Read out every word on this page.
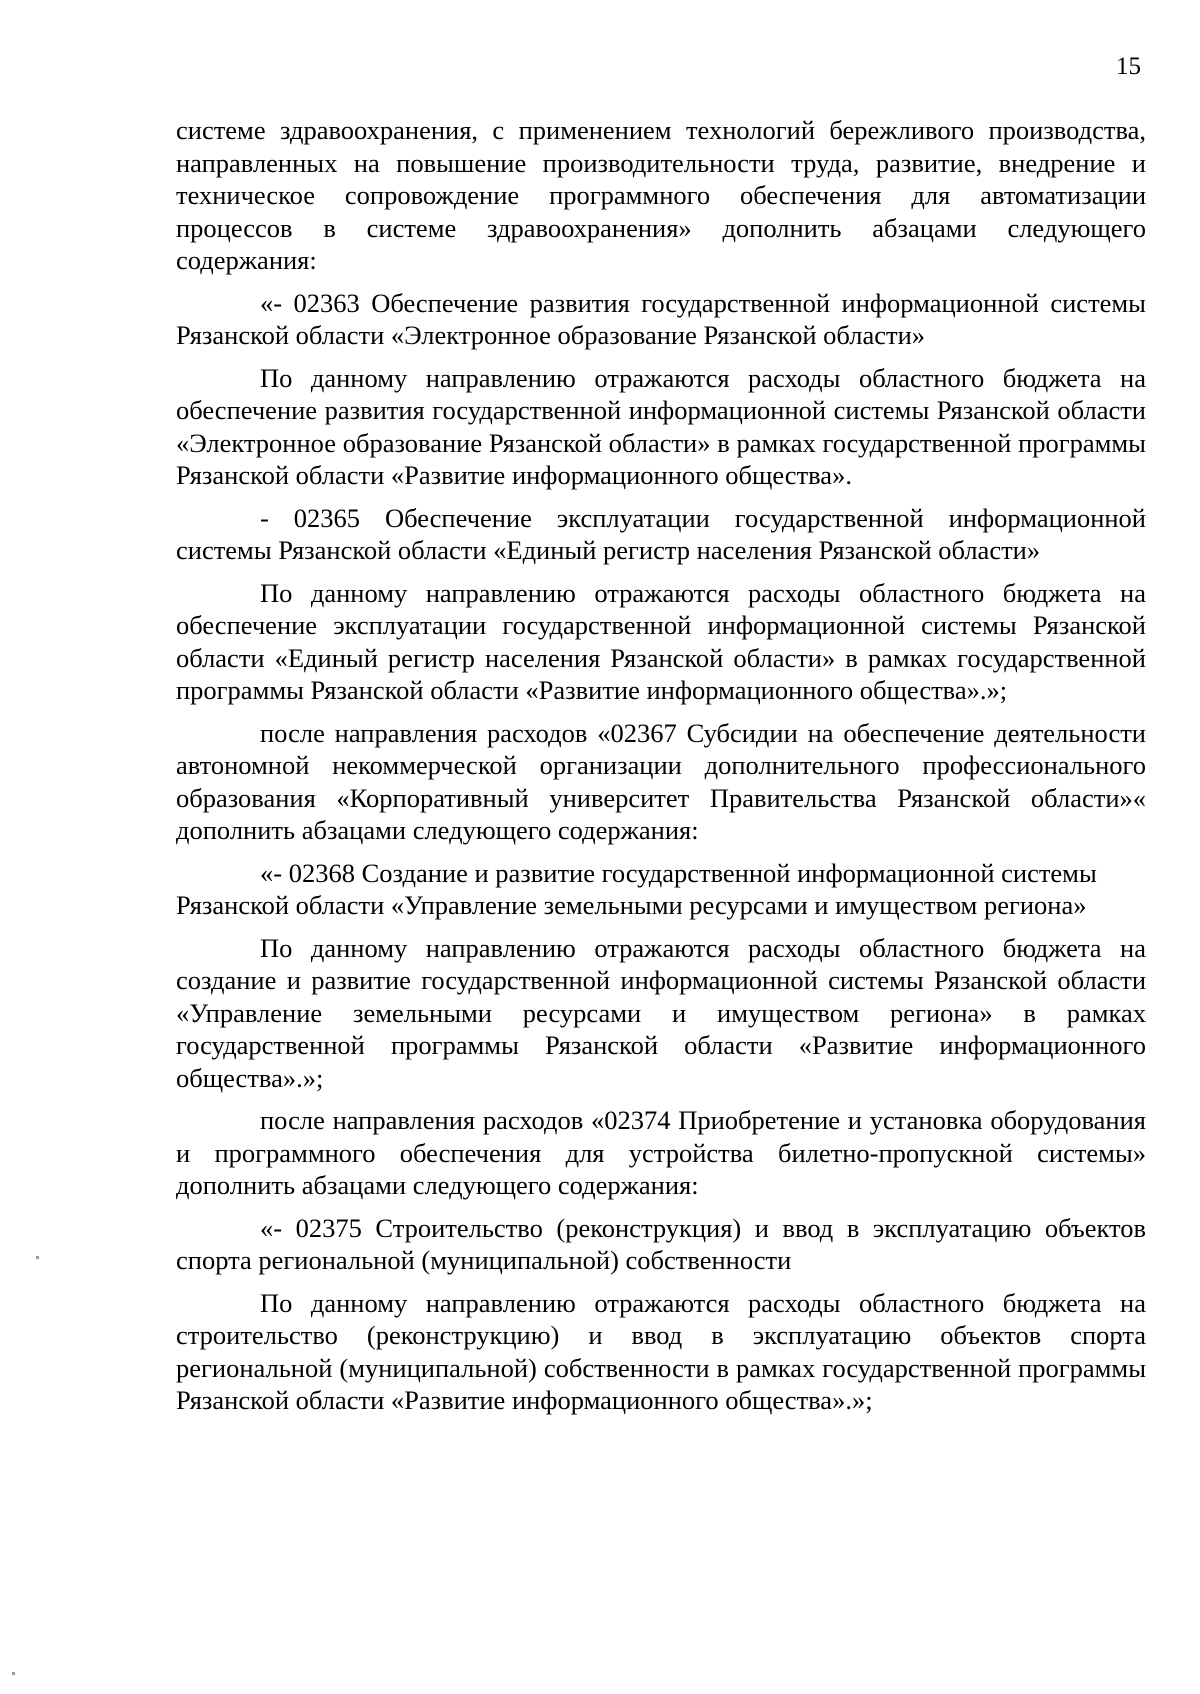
15

системе здравоохранения, с применением технологий бережливого производства, направленных на повышение производительности труда, развитие, внедрение и техническое сопровождение программного обеспечения для автоматизации процессов в системе здравоохранения» дополнить абзацами следующего содержания:

«- 02363 Обеспечение развития государственной информационной системы Рязанской области «Электронное образование Рязанской области»

По данному направлению отражаются расходы областного бюджета на обеспечение развития государственной информационной системы Рязанской области «Электронное образование Рязанской области» в рамках государственной программы Рязанской области «Развитие информационного общества».

- 02365 Обеспечение эксплуатации государственной информационной системы Рязанской области «Единый регистр населения Рязанской области»

По данному направлению отражаются расходы областного бюджета на обеспечение эксплуатации государственной информационной системы Рязанской области «Единый регистр населения Рязанской области» в рамках государственной программы Рязанской области «Развитие информационного общества».»;

после направления расходов «02367 Субсидии на обеспечение деятельности автономной некоммерческой организации дополнительного профессионального образования «Корпоративный университет Правительства Рязанской области»« дополнить абзацами следующего содержания:

«- 02368 Создание и развитие государственной информационной системы Рязанской области «Управление земельными ресурсами и имуществом региона»

По данному направлению отражаются расходы областного бюджета на создание и развитие государственной информационной системы Рязанской области «Управление земельными ресурсами и имуществом региона» в рамках государственной программы Рязанской области «Развитие информационного общества».»;

после направления расходов «02374 Приобретение и установка оборудования и программного обеспечения для устройства билетно-пропускной системы» дополнить абзацами следующего содержания:

«- 02375 Строительство (реконструкция) и ввод в эксплуатацию объектов спорта региональной (муниципальной) собственности

По данному направлению отражаются расходы областного бюджета на строительство (реконструкцию) и ввод в эксплуатацию объектов спорта региональной (муниципальной) собственности в рамках государственной программы Рязанской области «Развитие информационного общества».»;
